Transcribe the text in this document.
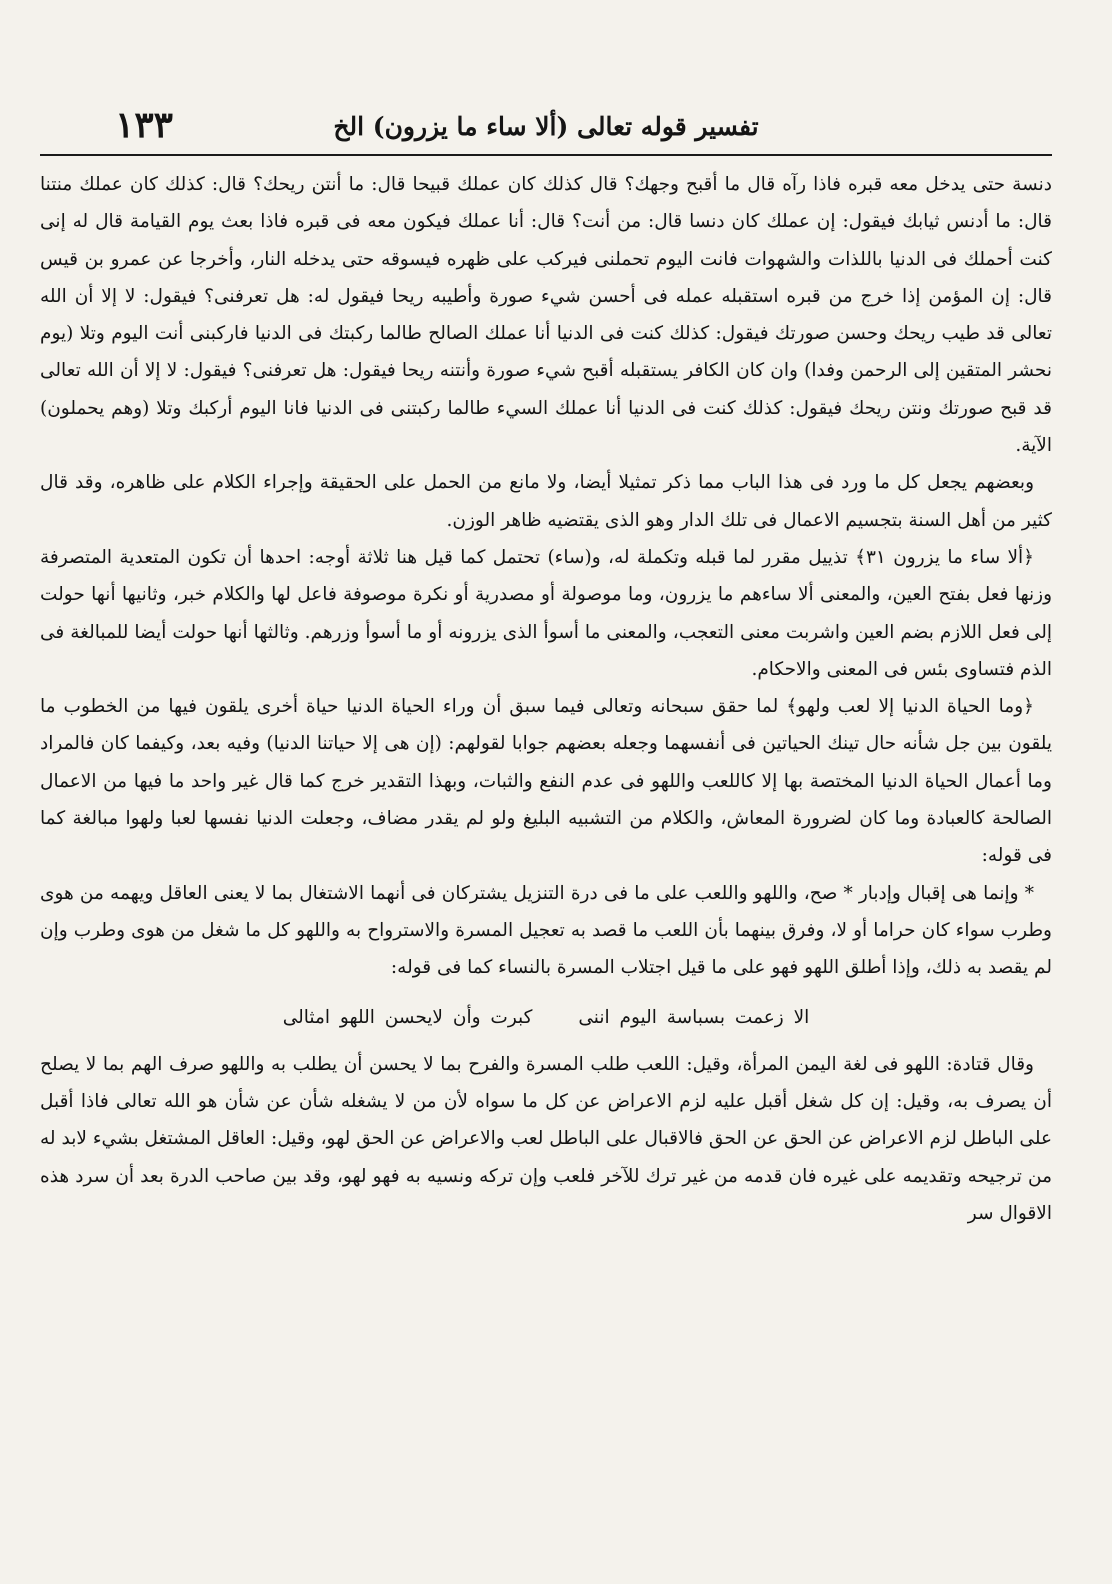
تفسير قوله تعالى (ألا ساء ما يزرون) الخ
١٣٣

دنسة حتى يدخل معه قبره فاذا رآه قال ما أقبح وجهك؟ قال كذلك كان عملك قبيحا قال: ما أنتن ريحك؟ قال: كذلك كان عملك منتنا قال: ما أدنس ثيابك فيقول: إن عملك كان دنسا قال: من أنت؟ قال: أنا عملك فيكون معه فى قبره فاذا بعث يوم القيامة قال له إنى كنت أحملك فى الدنيا باللذات والشهوات فانت اليوم تحملنى فيركب على ظهره فيسوقه حتى يدخله النار، وأخرجا عن عمرو بن قيس قال: إن المؤمن إذا خرج من قبره استقبله عمله فى أحسن شيء صورة وأطيبه ريحا فيقول له: هل تعرفنى؟ فيقول: لا إلا أن الله تعالى قد طيب ريحك وحسن صورتك فيقول: كذلك كنت فى الدنيا أنا عملك الصالح طالما ركبتك فى الدنيا فاركبنى أنت اليوم وتلا (يوم نحشر المتقين إلى الرحمن وفدا) وان كان الكافر يستقبله أقبح شيء صورة وأنتنه ريحا فيقول: هل تعرفنى؟ فيقول: لا إلا أن الله تعالى قد قبح صورتك ونتن ريحك فيقول: كذلك كنت فى الدنيا أنا عملك السيء طالما ركبتنى فى الدنيا فانا اليوم أركبك وتلا (وهم يحملون) الآية.

وبعضهم يجعل كل ما ورد فى هذا الباب مما ذكر تمثيلا أيضا، ولا مانع من الحمل على الحقيقة وإجراء الكلام على ظاهره، وقد قال كثير من أهل السنة بتجسيم الاعمال فى تلك الدار وهو الذى يقتضيه ظاهر الوزن.

﴿ألا ساء ما يزرون ٣١﴾ تذييل مقرر لما قبله وتكملة له، و(ساء) تحتمل كما قيل هنا ثلاثة أوجه: احدها أن تكون المتعدية المتصرفة وزنها فعل بفتح العين، والمعنى ألا ساءهم ما يزرون، وما موصولة أو مصدرية أو نكرة موصوفة فاعل لها والكلام خبر، وثانيها أنها حولت إلى فعل اللازم بضم العين واشربت معنى التعجب، والمعنى ما أسوأ الذى يزرونه أو ما أسوأ وزرهم. وثالثها أنها حولت أيضا للمبالغة فى الذم فتساوى بئس فى المعنى والاحكام.

﴿وما الحياة الدنيا إلا لعب ولهو﴾ لما حقق سبحانه وتعالى فيما سبق أن وراء الحياة الدنيا حياة أخرى يلقون فيها من الخطوب ما يلقون بين جل شأنه حال تينك الحياتين فى أنفسهما وجعله بعضهم جوابا لقولهم: (إن هى إلا حياتنا الدنيا) وفيه بعد، وكيفما كان فالمراد وما أعمال الحياة الدنيا المختصة بها إلا كاللعب واللهو فى عدم النفع والثبات، وبهذا التقدير خرج كما قال غير واحد ما فيها من الاعمال الصالحة كالعبادة وما كان لضرورة المعاش، والكلام من التشبيه البليغ ولو لم يقدر مضاف، وجعلت الدنيا نفسها لعبا ولهوا مبالغة كما فى قوله:

* وإنما هى إقبال وإدبار * صح، واللهو واللعب على ما فى درة التنزيل يشتركان فى أنهما الاشتغال بما لا يعنى العاقل ويهمه من هوى وطرب سواء كان حراما أو لا، وفرق بينهما بأن اللعب ما قصد به تعجيل المسرة والاسترواح به واللهو كل ما شغل من هوى وطرب وإن لم يقصد به ذلك، وإذا أطلق اللهو فهو على ما قيل اجتلاب المسرة بالنساء كما فى قوله:

الا زعمت بسباسة اليوم اننى كبرت وأن لايحسن اللهو امثالى

وقال قتادة: اللهو فى لغة اليمن المرأة، وقيل: اللعب طلب المسرة والفرح بما لا يحسن أن يطلب به واللهو صرف الهم بما لا يصلح أن يصرف به، وقيل: إن كل شغل أقبل عليه لزم الاعراض عن كل ما سواه لأن من لا يشغله شأن عن شأن هو الله تعالى فاذا أقبل على الباطل لزم الاعراض عن الحق عن الحق فالاقبال على الباطل لعب والاعراض عن الحق لهو، وقيل: العاقل المشتغل بشيء لابد له من ترجيحه وتقديمه على غيره فان قدمه من غير ترك للآخر فلعب وإن تركه ونسيه به فهو لهو، وقد بين صاحب الدرة بعد أن سرد هذه الاقوال سر
